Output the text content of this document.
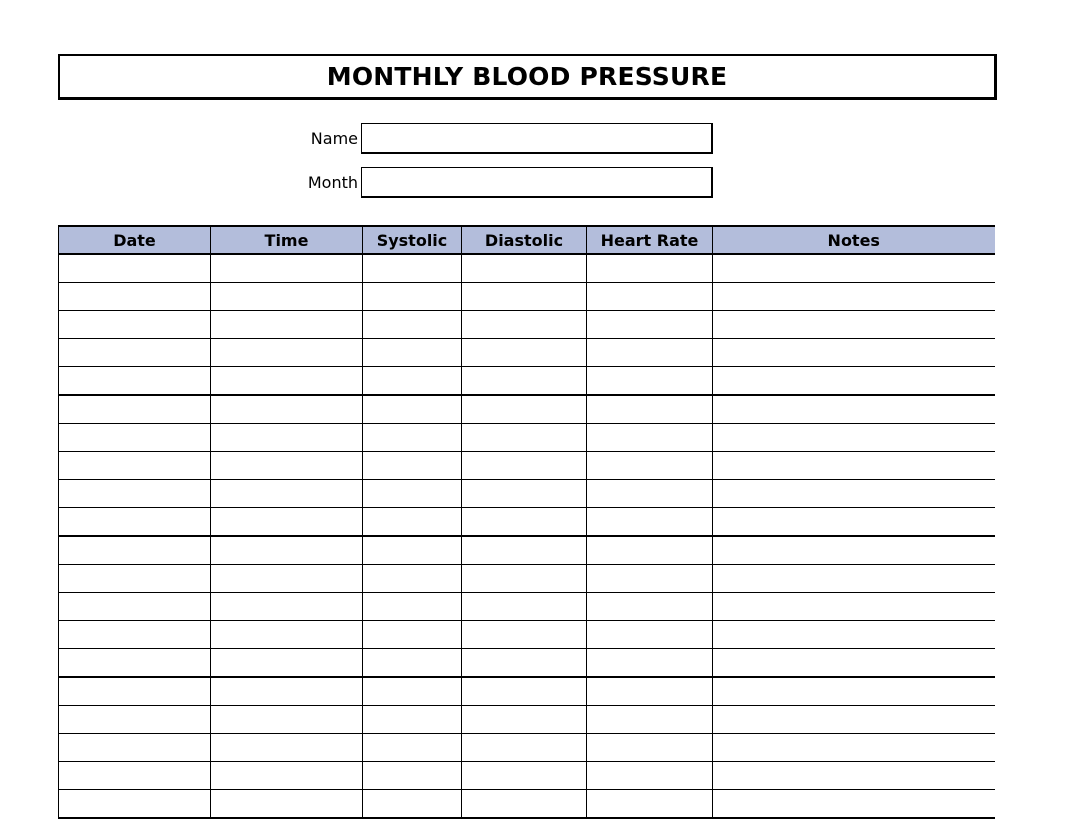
MONTHLY BLOOD PRESSURE
Name
Month
Date	Time	Systolic	Diastolic	Heart Rate	Notes
